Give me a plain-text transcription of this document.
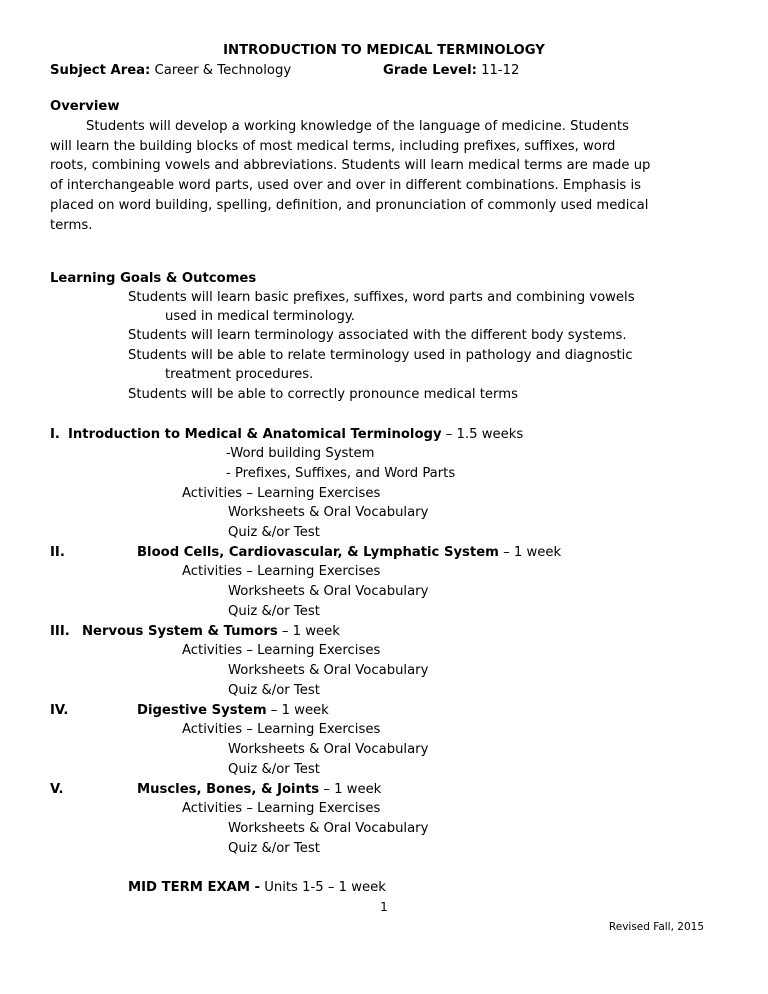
INTRODUCTION TO MEDICAL TERMINOLOGY
Subject Area: Career & Technology	Grade Level: 11-12
Overview
Students will develop a working knowledge of the language of medicine. Students
will learn the building blocks of most medical terms, including prefixes, suffixes, word
roots, combining vowels and abbreviations. Students will learn medical terms are made up
of interchangeable word parts, used over and over in different combinations. Emphasis is
placed on word building, spelling, definition, and pronunciation of commonly used medical
terms.
Learning Goals & Outcomes
Students will learn basic prefixes, suffixes, word parts and combining vowels
used in medical terminology.
Students will learn terminology associated with the different body systems.
Students will be able to relate terminology used in pathology and diagnostic
treatment procedures.
Students will be able to correctly pronounce medical terms
I. Introduction to Medical & Anatomical Terminology – 1.5 weeks
-Word building System
- Prefixes, Suffixes, and Word Parts
Activities – Learning Exercises
Worksheets & Oral Vocabulary
Quiz &/or Test
II.	Blood Cells, Cardiovascular, & Lymphatic System – 1 week
Activities – Learning Exercises
Worksheets & Oral Vocabulary
Quiz &/or Test
III. Nervous System & Tumors – 1 week
Activities – Learning Exercises
Worksheets & Oral Vocabulary
Quiz &/or Test
IV.	Digestive System – 1 week
Activities – Learning Exercises
Worksheets & Oral Vocabulary
Quiz &/or Test
V.	Muscles, Bones, & Joints – 1 week
Activities – Learning Exercises
Worksheets & Oral Vocabulary
Quiz &/or Test
MID TERM EXAM - Units 1-5 – 1 week
1
Revised Fall, 2015
